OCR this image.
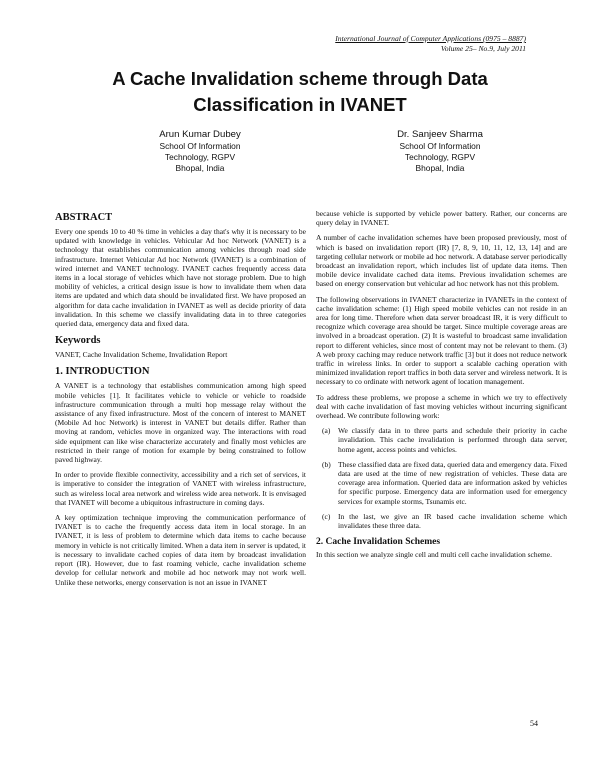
International Journal of Computer Applications (0975 – 8887)
Volume 25– No.9, July 2011
A Cache Invalidation scheme through Data
Classification in IVANET
Arun Kumar Dubey
School Of Information
Technology, RGPV
Bhopal, India
Dr. Sanjeev Sharma
School Of Information
Technology, RGPV
Bhopal, India
ABSTRACT

Every one spends 10 to 40 % time in vehicles a day that's why it is necessary to be updated with knowledge in vehicles. Vehicular Ad hoc Network (VANET) is a technology that establishes communication among vehicles through road side infrastructure. Internet Vehicular Ad hoc Network (IVANET) is a combination of wired internet and VANET technology. IVANET caches frequently access data items in a local storage of vehicles which have not storage problem. Due to high mobility of vehicles, a critical design issue is how to invalidate them when data items are updated and which data should be invalidated first. We have proposed an algorithm for data cache invalidation in IVANET as well as decide priority of data invalidation. In this scheme we classify invalidating data in to three categories queried data, emergency data and fixed data.

Keywords

VANET, Cache Invalidation Scheme, Invalidation Report

1. INTRODUCTION

A VANET is a technology that establishes communication among high speed mobile vehicles [1]. It facilitates vehicle to vehicle or vehicle to roadside infrastructure communication through a multi hop message relay without the assistance of any fixed infrastructure. Most of the concern of interest to MANET (Mobile Ad hoc Network) is interest in VANET but details differ. Rather than moving at random, vehicles move in organized way. The interactions with road side equipment can like wise characterize accurately and finally most vehicles are restricted in their range of motion for example by being constrained to follow paved highway.

In order to provide flexible connectivity, accessibility and a rich set of services, it is imperative to consider the integration of VANET with wireless infrastructure, such as wireless local area network and wireless wide area network. It is envisaged that IVANET will become a ubiquitous infrastructure in coming days.

A key optimization technique improving the communication performance of IVANET is to cache the frequently access data item in local storage. In an IVANET, it is less of problem to determine which data items to cache because memory in vehicle is not critically limited. When a data item in server is updated, it is necessary to invalidate cached copies of data item by broadcast invalidation report (IR). However, due to fast roaming vehicle, cache invalidation scheme develop for cellular network and mobile ad hoc network may not work well. Unlike these networks, energy conservation is not an issue in IVANET

because vehicle is supported by vehicle power battery. Rather, our concerns are query delay in IVANET.

A number of cache invalidation schemes have been proposed previously, most of which is based on invalidation report (IR) [7, 8, 9, 10, 11, 12, 13, 14] and are targeting cellular network or mobile ad hoc network. A database server periodically broadcast an invalidation report, which includes list of update data items. Then mobile device invalidate cached data items. Previous invalidation schemes are based on energy conservation but vehicular ad hoc network has not this problem.

The following observations in IVANET characterize in IVANETs in the context of cache invalidation scheme: (1) High speed mobile vehicles can not reside in an area for long time. Therefore when data server broadcast IR, it is very difficult to recognize which coverage area should be target. Since multiple coverage areas are involved in a broadcast operation. (2) It is wasteful to broadcast same invalidation report to different vehicles, since most of content may not be relevant to them. (3) A web proxy caching may reduce network traffic [3] but it does not reduce network traffic in wireless links. In order to support a scalable caching operation with minimized invalidation report traffics in both data server and wireless network. It is necessary to co ordinate with network agent of location management.

To address these problems, we propose a scheme in which we try to effectively deal with cache invalidation of fast moving vehicles without incurring significant overhead. We contribute following work:

(a)	We classify data in to three parts and schedule their priority in cache invalidation. This cache invalidation is performed through data server, home agent, access points and vehicles.
(b) These classified data are fixed data, queried data and emergency data. Fixed data are used at the time of new registration of vehicles. These data are coverage area information. Queried data are information asked by vehicles for specific purpose. Emergency data are information used for emergency services for example storms, Tsunamis etc.
(c)	In the last, we give an IR based cache invalidation scheme which invalidates these three data.
2. Cache Invalidation Schemes

In this section we analyze single cell and multi cell cache invalidation scheme.

54
